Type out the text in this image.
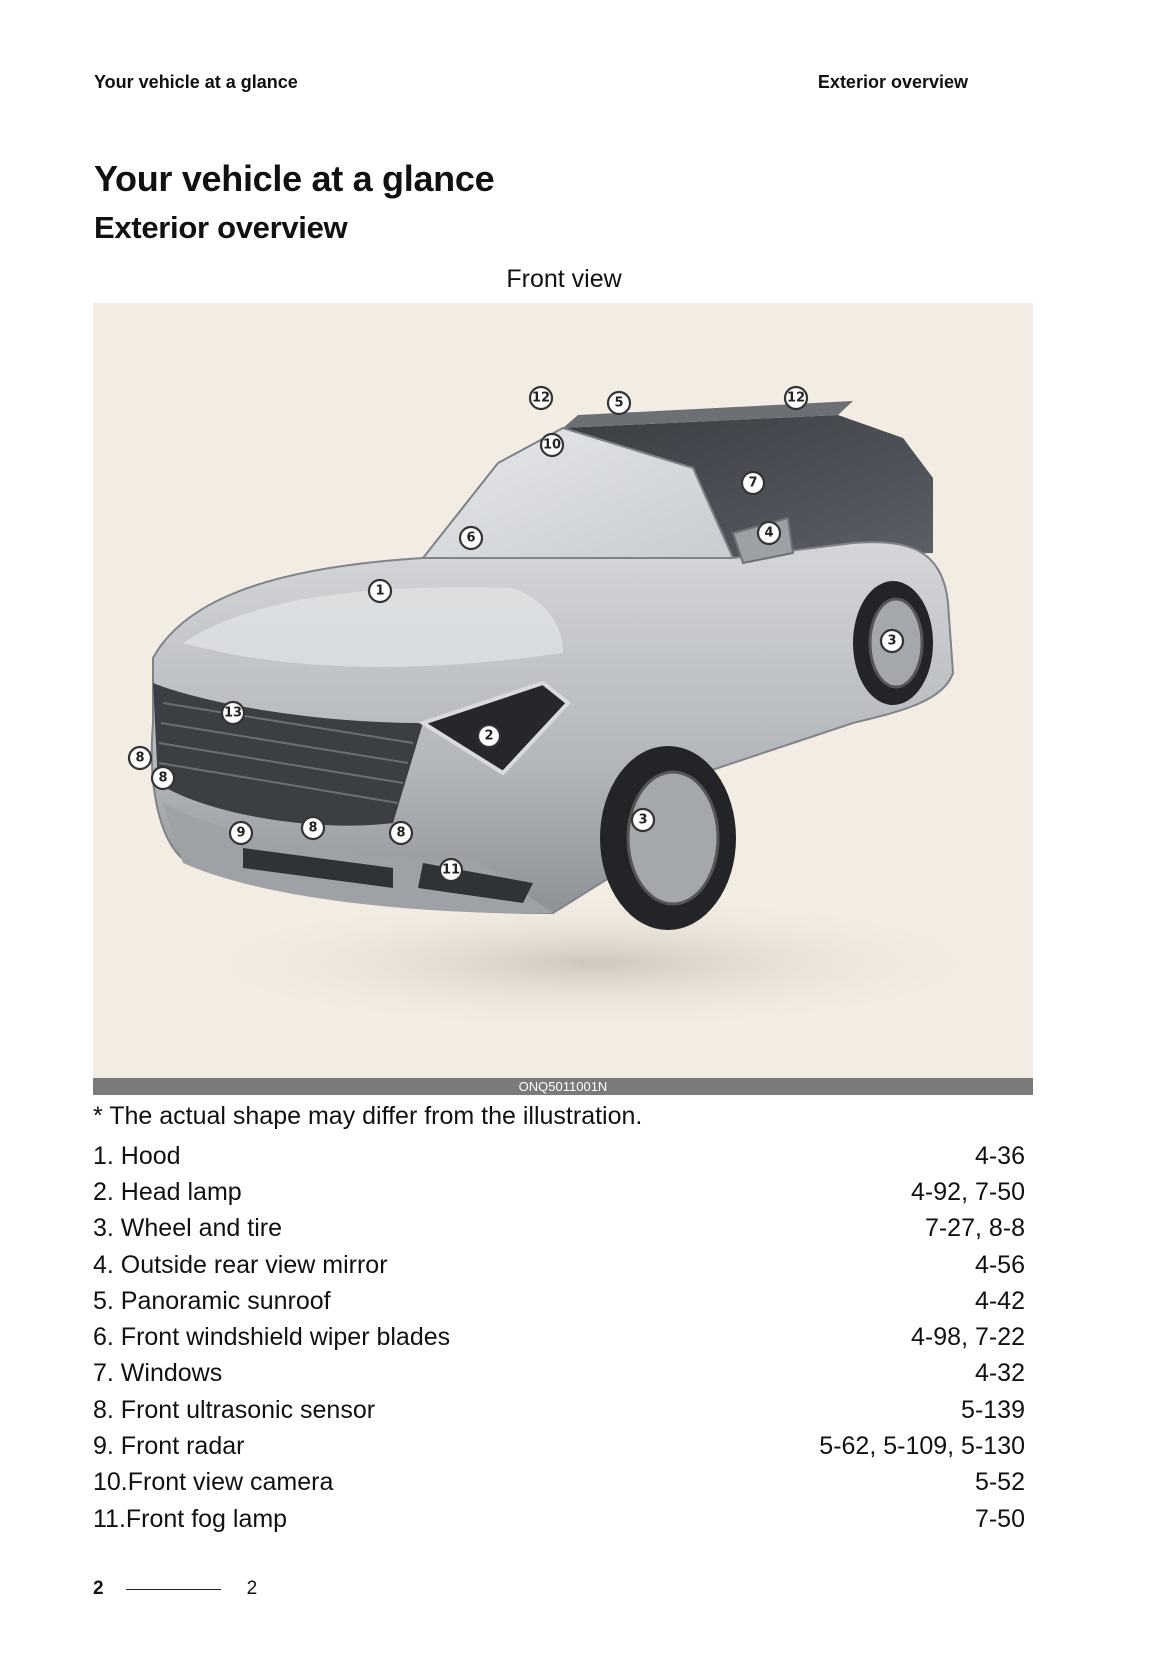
Your vehicle at a glance	Exterior overview
Your vehicle at a glance
Exterior overview
Front view
12	5	12
10
7
6	4
1
3
2
13
8
8
8	8
9
3
11
ONQ5011001N
* The actual shape may differ from the illustration.
1. Hood	4-36
2. Head lamp	4-92, 7-50
3. Wheel and tire	7-27, 8-8
4. Outside rear view mirror	4-56
5. Panoramic sunroof	4-42
6. Front windshield wiper blades	4-98, 7-22
7. Windows	4-32
8. Front ultrasonic sensor	5-139
9. Front radar	5-62, 5-109, 5-130
10.Front view camera	5-52
11.Front fog lamp	7-50
2	2
